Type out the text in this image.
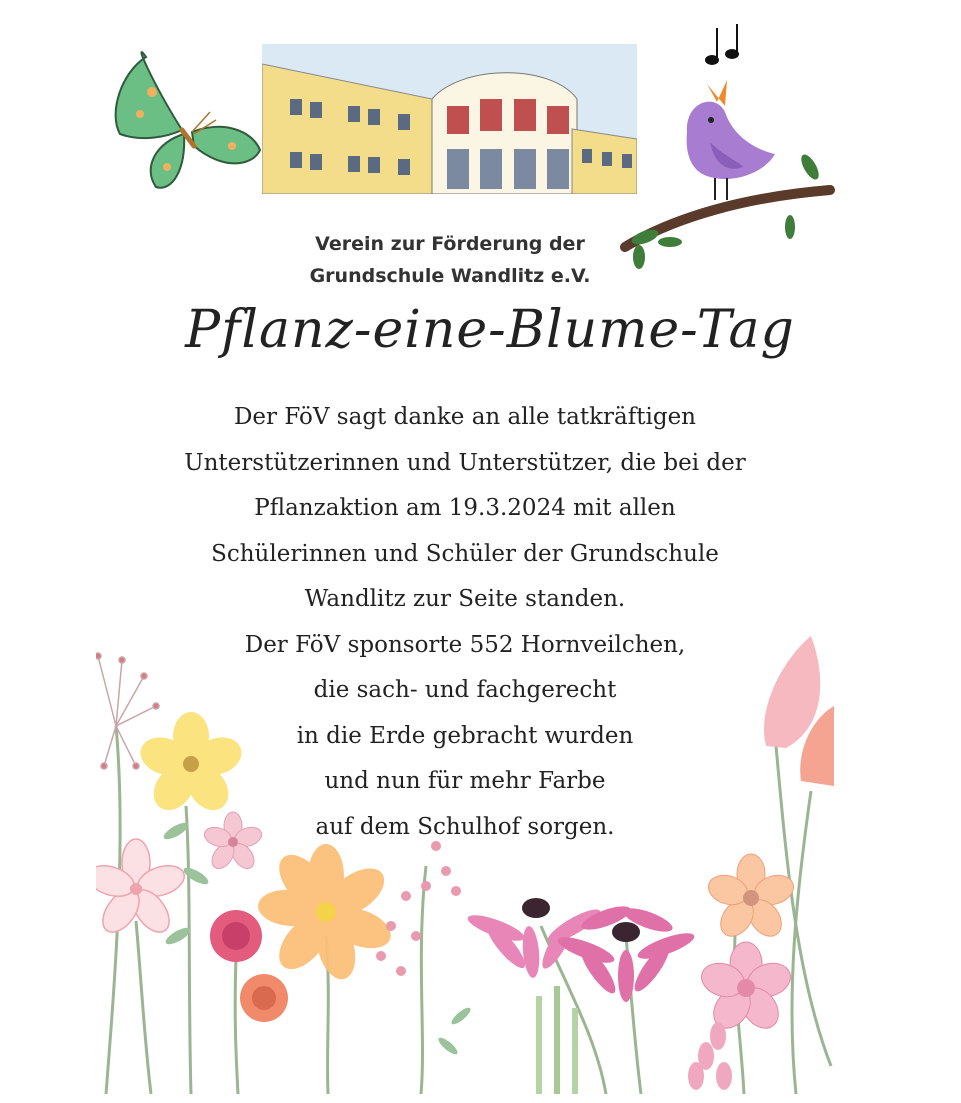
Verein zur Förderung der
Grundschule Wandlitz e.V.
Pflanz-eine-Blume-Tag
Der FöV sagt danke an alle tatkräftigen
Unterstützerinnen und Unterstützer, die bei der
Pflanzaktion am 19.3.2024 mit allen
Schülerinnen und Schüler der Grundschule
Wandlitz zur Seite standen.
Der FöV sponsorte 552 Hornveilchen,
die sach- und fachgerecht
in die Erde gebracht wurden
und nun für mehr Farbe
auf dem Schulhof sorgen.
